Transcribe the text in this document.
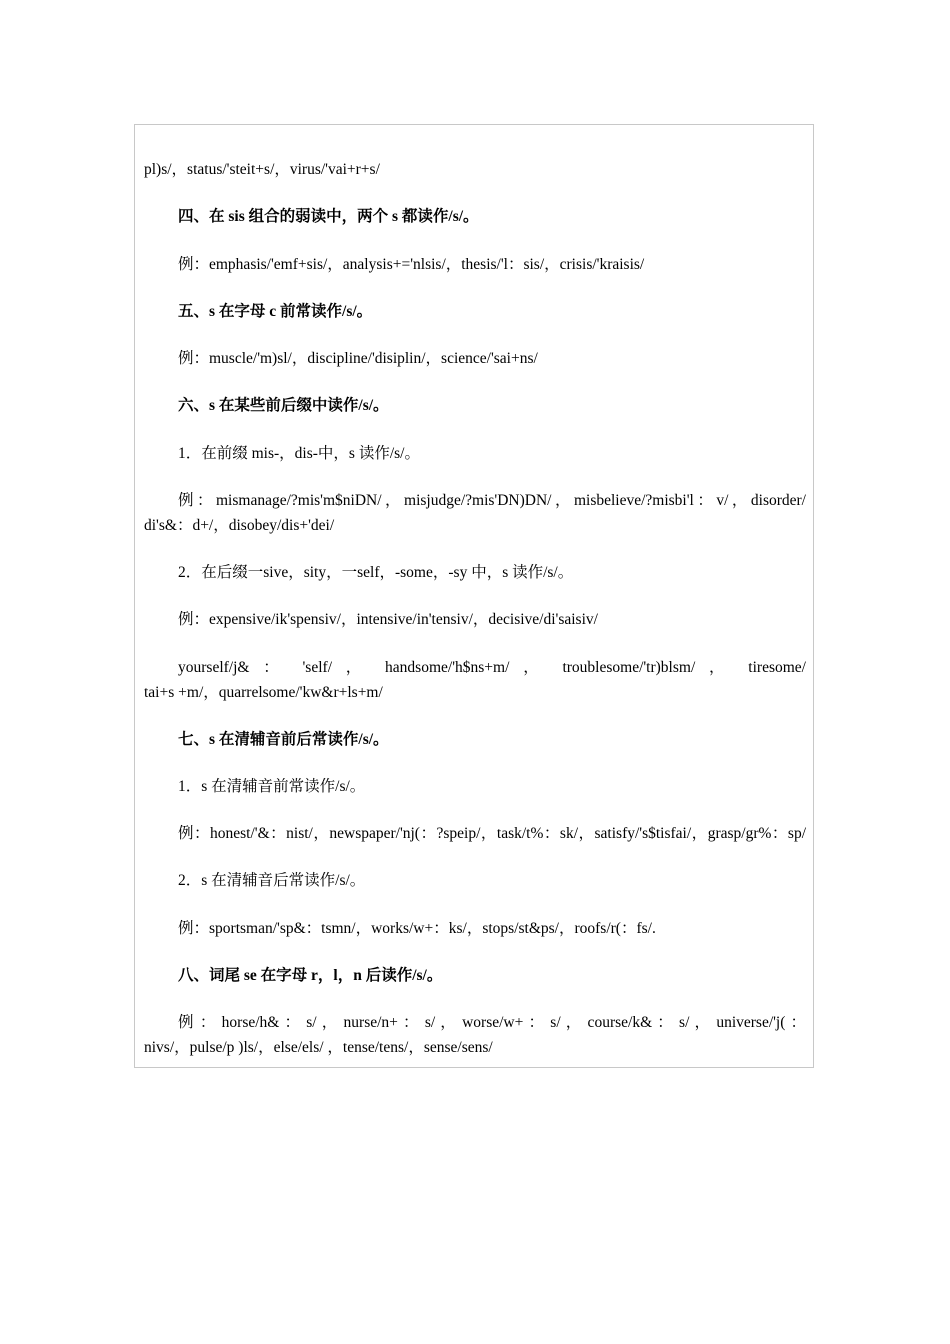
pl)s/，status/'steit+s/，virus/'vai+r+s/
四、在 sis 组合的弱读中，两个 s 都读作/s/。
例：emphasis/'emf+sis/，analysis+='nlsis/，thesis/'l：sis/，crisis/'kraisis/
五、s 在字母 c 前常读作/s/。
例：muscle/'m)sl/，discipline/'disiplin/，science/'sai+ns/
六、s 在某些前后缀中读作/s/。
1．在前缀 mis-，dis-中，s 读作/s/。
例：mismanage/?mis'm$niDN/，misjudge/?mis'DN)DN/，misbelieve/?misbi'l：v/，disorder/
di's&：d+/，disobey/dis+'dei/
2．在后缀一sive，sity，一self，-some，-sy 中，s 读作/s/。
例：expensive/ik'spensiv/，intensive/in'tensiv/，decisive/di'saisiv/
yourself/j& ： 'self/ ， handsome/'h$ns+m/ ， troublesome/'tr)blsm/ ， tiresome/
tai+s +m/，quarrelsome/'kw&r+ls+m/
七、s 在清辅音前后常读作/s/。
1．s 在清辅音前常读作/s/。
例：honest/'&：nist/，newspaper/'nj(：?speip/，task/t%：sk/，satisfy/'s$tisfai/，grasp/gr%：sp/
2．s 在清辅音后常读作/s/。
例：sportsman/'sp&：tsmn/，works/w+：ks/，stops/st&ps/，roofs/r(：fs/.
八、词尾 se 在字母 r，l，n 后读作/s/。
例 ： horse/h& ： s/ ， nurse/n+ ： s/ ， worse/w+ ： s/ ， course/k& ： s/ ， universe/'j( ：
nivs/，pulse/p )ls/，else/els/ ，tense/tens/，sense/sens/
